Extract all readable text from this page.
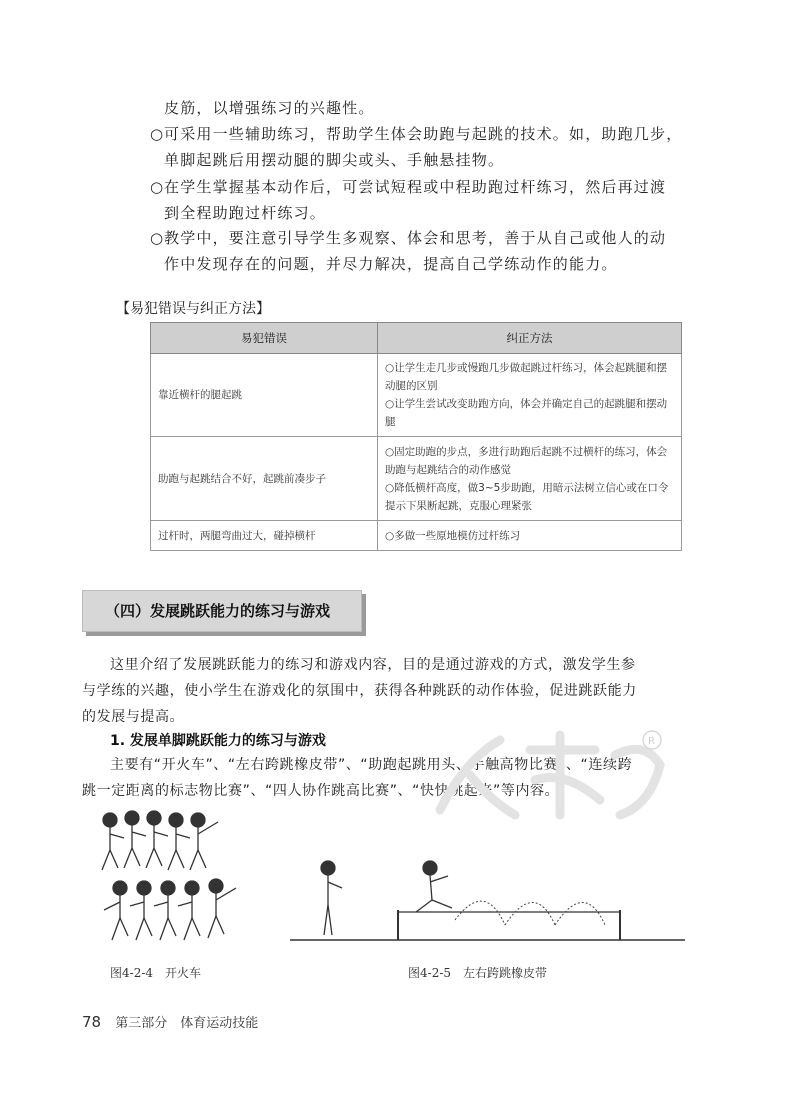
皮筋，以增强练习的兴趣性。
○可采用一些辅助练习，帮助学生体会助跑与起跳的技术。如，助跑几步，
单脚起跳后用摆动腿的脚尖或头、手触悬挂物。
○在学生掌握基本动作后，可尝试短程或中程助跑过杆练习，然后再过渡
到全程助跑过杆练习。
○教学中，要注意引导学生多观察、体会和思考，善于从自己或他人的动
作中发现存在的问题，并尽力解决，提高自己学练动作的能力。
【易犯错误与纠正方法】
易犯错误	纠正方法
靠近横杆的腿起跳	○让学生走几步或慢跑几步做起跳过杆练习，体会起跳腿和摆动腿的区别
○让学生尝试改变助跑方向，体会并确定自己的起跳腿和摆动腿

助跑与起跳结合不好，起跳前凑步子	○固定助跑的步点，多进行助跑后起跳不过横杆的练习，体会助跑与起跳结合的动作感觉
○降低横杆高度，做3~5步助跑，用暗示法树立信心或在口令提示下果断起跳，克服心理紧张

过杆时，两腿弯曲过大，碰掉横杆	○多做一些原地模仿过杆练习
（四）发展跳跃能力的练习与游戏
这里介绍了发展跳跃能力的练习和游戏内容，目的是通过游戏的方式，激发学生参
与学练的兴趣，使小学生在游戏化的氛围中，获得各种跳跃的动作体验，促进跳跃能力
的发展与提高。
1. 发展单脚跳跃能力的练习与游戏
主要有“开火车”、“左右跨跳橡皮带”、“助跑起跳用头、手触高物比赛”、“连续跨
跳一定距离的标志物比赛”、“四人协作跳高比赛”、“快快跳起来”等内容。
R
图4-2-4　开火车	图4-2-5　左右跨跳橡皮带
78 第三部分　体育运动技能
